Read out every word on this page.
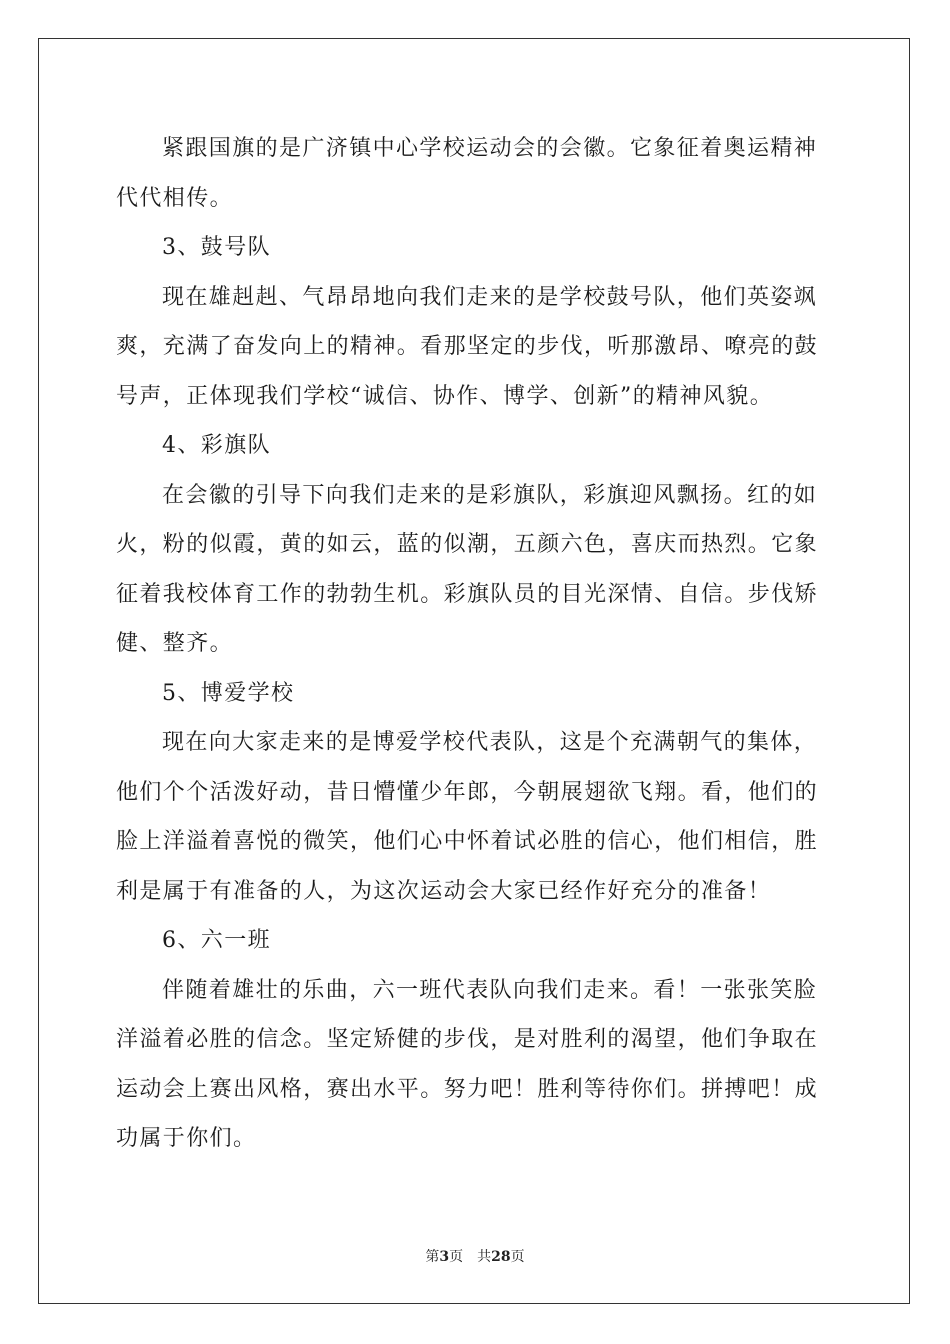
紧跟国旗的是广济镇中心学校运动会的会徽。它象征着奥运精神
代代相传。
3、鼓号队
现在雄赳赳、气昂昂地向我们走来的是学校鼓号队，他们英姿飒
爽，充满了奋发向上的精神。看那坚定的步伐，听那激昂、嘹亮的鼓
号声，正体现我们学校“诚信、协作、博学、创新”的精神风貌。
4、彩旗队
在会徽的引导下向我们走来的是彩旗队，彩旗迎风飘扬。红的如
火，粉的似霞，黄的如云，蓝的似潮，五颜六色，喜庆而热烈。它象
征着我校体育工作的勃勃生机。彩旗队员的目光深情、自信。步伐矫
健、整齐。
5、博爱学校
现在向大家走来的是博爱学校代表队，这是个充满朝气的集体，
他们个个活泼好动，昔日懵懂少年郎，今朝展翅欲飞翔。看，他们的
脸上洋溢着喜悦的微笑，他们心中怀着试必胜的信心，他们相信，胜
利是属于有准备的人，为这次运动会大家已经作好充分的准备！
6、六一班
伴随着雄壮的乐曲，六一班代表队向我们走来。看！一张张笑脸
洋溢着必胜的信念。坚定矫健的步伐，是对胜利的渴望，他们争取在
运动会上赛出风格，赛出水平。努力吧！胜利等待你们。拼搏吧！成
功属于你们。
第3页 共28页
